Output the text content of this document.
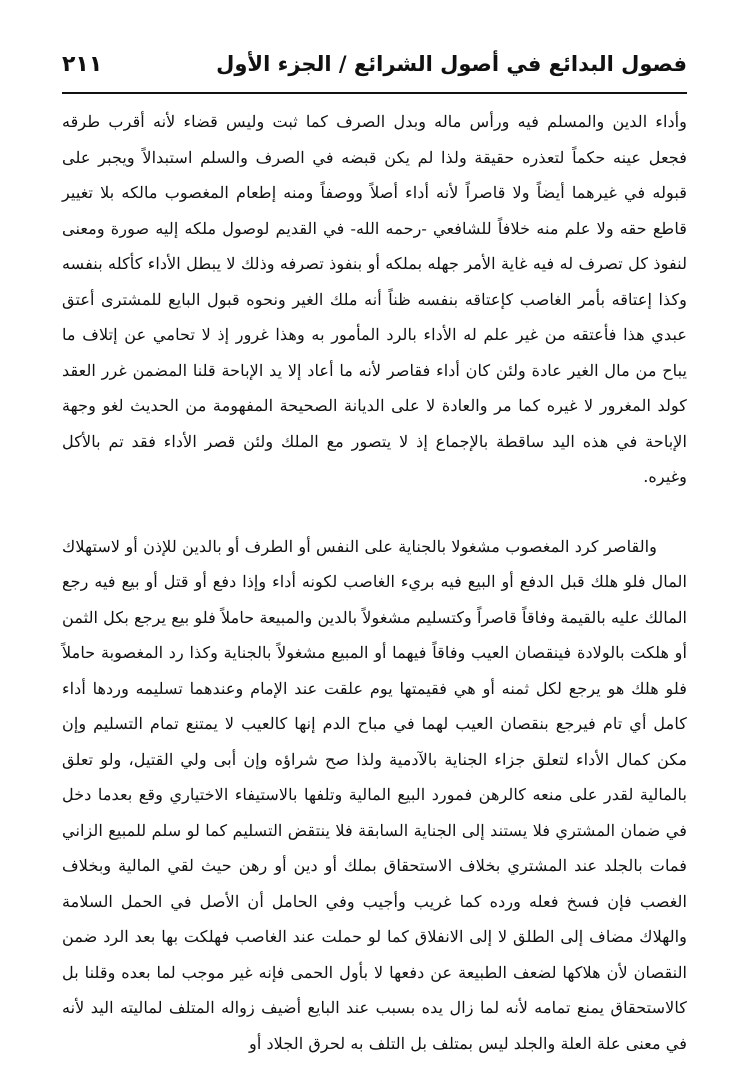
فصول البدائع في أصول الشرائع / الجزء الأول
٢١١

وأداء الدين والمسلم فيه ورأس ماله وبدل الصرف كما ثبت وليس قضاء لأنه أقرب طرقه فجعل عينه حكماً لتعذره حقيقة ولذا لم يكن قبضه في الصرف والسلم استبدالاً ويجبر على قبوله في غيرهما أيضاً ولا قاصراً لأنه أداء أصلاً ووصفاً ومنه إطعام المغصوب مالكه بلا تغيير قاطع حقه ولا علم منه خلافاً للشافعي -رحمه الله- في القديم لوصول ملكه إليه صورة ومعنى لنفوذ كل تصرف له فيه غاية الأمر جهله بملكه أو بنفوذ تصرفه وذلك لا يبطل الأداء كأكله بنفسه وكذا إعتاقه بأمر الغاصب كإعتاقه بنفسه ظناً أنه ملك الغير ونحوه قبول البايع للمشترى أعتق عبدي هذا فأعتقه من غير علم له الأداء بالرد المأمور به وهذا غرور إذ لا تحامي عن إتلاف ما يباح من مال الغير عادة ولئن كان أداء فقاصر لأنه ما أعاد إلا يد الإباحة قلنا المضمن غرر العقد كولد المغرور لا غيره كما مر والعادة لا على الديانة الصحيحة المفهومة من الحديث لغو وجهة الإباحة في هذه اليد ساقطة بالإجماع إذ لا يتصور مع الملك ولئن قصر الأداء فقد تم بالأكل وغيره.

والقاصر كرد المغصوب مشغولا بالجناية على النفس أو الطرف أو بالدين للإذن أو لاستهلاك المال فلو هلك قبل الدفع أو البيع فيه بريء الغاصب لكونه أداء وإذا دفع أو قتل أو بيع فيه رجع المالك عليه بالقيمة وفاقاً قاصراً وكتسليم مشغولاً بالدين والمبيعة حاملاً فلو بيع يرجع بكل الثمن أو هلكت بالولادة فينقصان العيب وفاقاً فيهما أو المبيع مشغولاً بالجناية وكذا رد المغصوبة حاملاً فلو هلك هو يرجع لكل ثمنه أو هي فقيمتها يوم علقت عند الإمام وعندهما تسليمه وردها أداء كامل أي تام فيرجع بنقصان العيب لهما في مباح الدم إنها كالعيب لا يمتنع تمام التسليم وإن مكن كمال الأداء لتعلق جزاء الجناية بالآدمية ولذا صح شراؤه وإن أبى ولي القتيل، ولو تعلق بالمالية لقدر على منعه كالرهن فمورد البيع المالية وتلفها بالاستيفاء الاختياري وقع بعدما دخل في ضمان المشتري فلا يستند إلى الجناية السابقة فلا ينتقض التسليم كما لو سلم للمبيع الزاني فمات بالجلد عند المشتري بخلاف الاستحقاق بملك أو دين أو رهن حيث لقي المالية وبخلاف الغصب فإن فسخ فعله ورده كما غريب وأجيب وفي الحامل أن الأصل في الحمل السلامة والهلاك مضاف إلى الطلق لا إلى الانفلاق كما لو حملت عند الغاصب فهلكت بها بعد الرد ضمن النقصان لأن هلاكها لضعف الطبيعة عن دفعها لا بأول الحمى فإنه غير موجب لما بعده وقلنا بل كالاستحقاق يمنع تمامه لأنه لما زال يده بسبب عند البايع أضيف زواله المتلف لماليته اليد لأنه في معنى علة العلة والجلد ليس بمتلف بل التلف به لحرق الجلاد أو
